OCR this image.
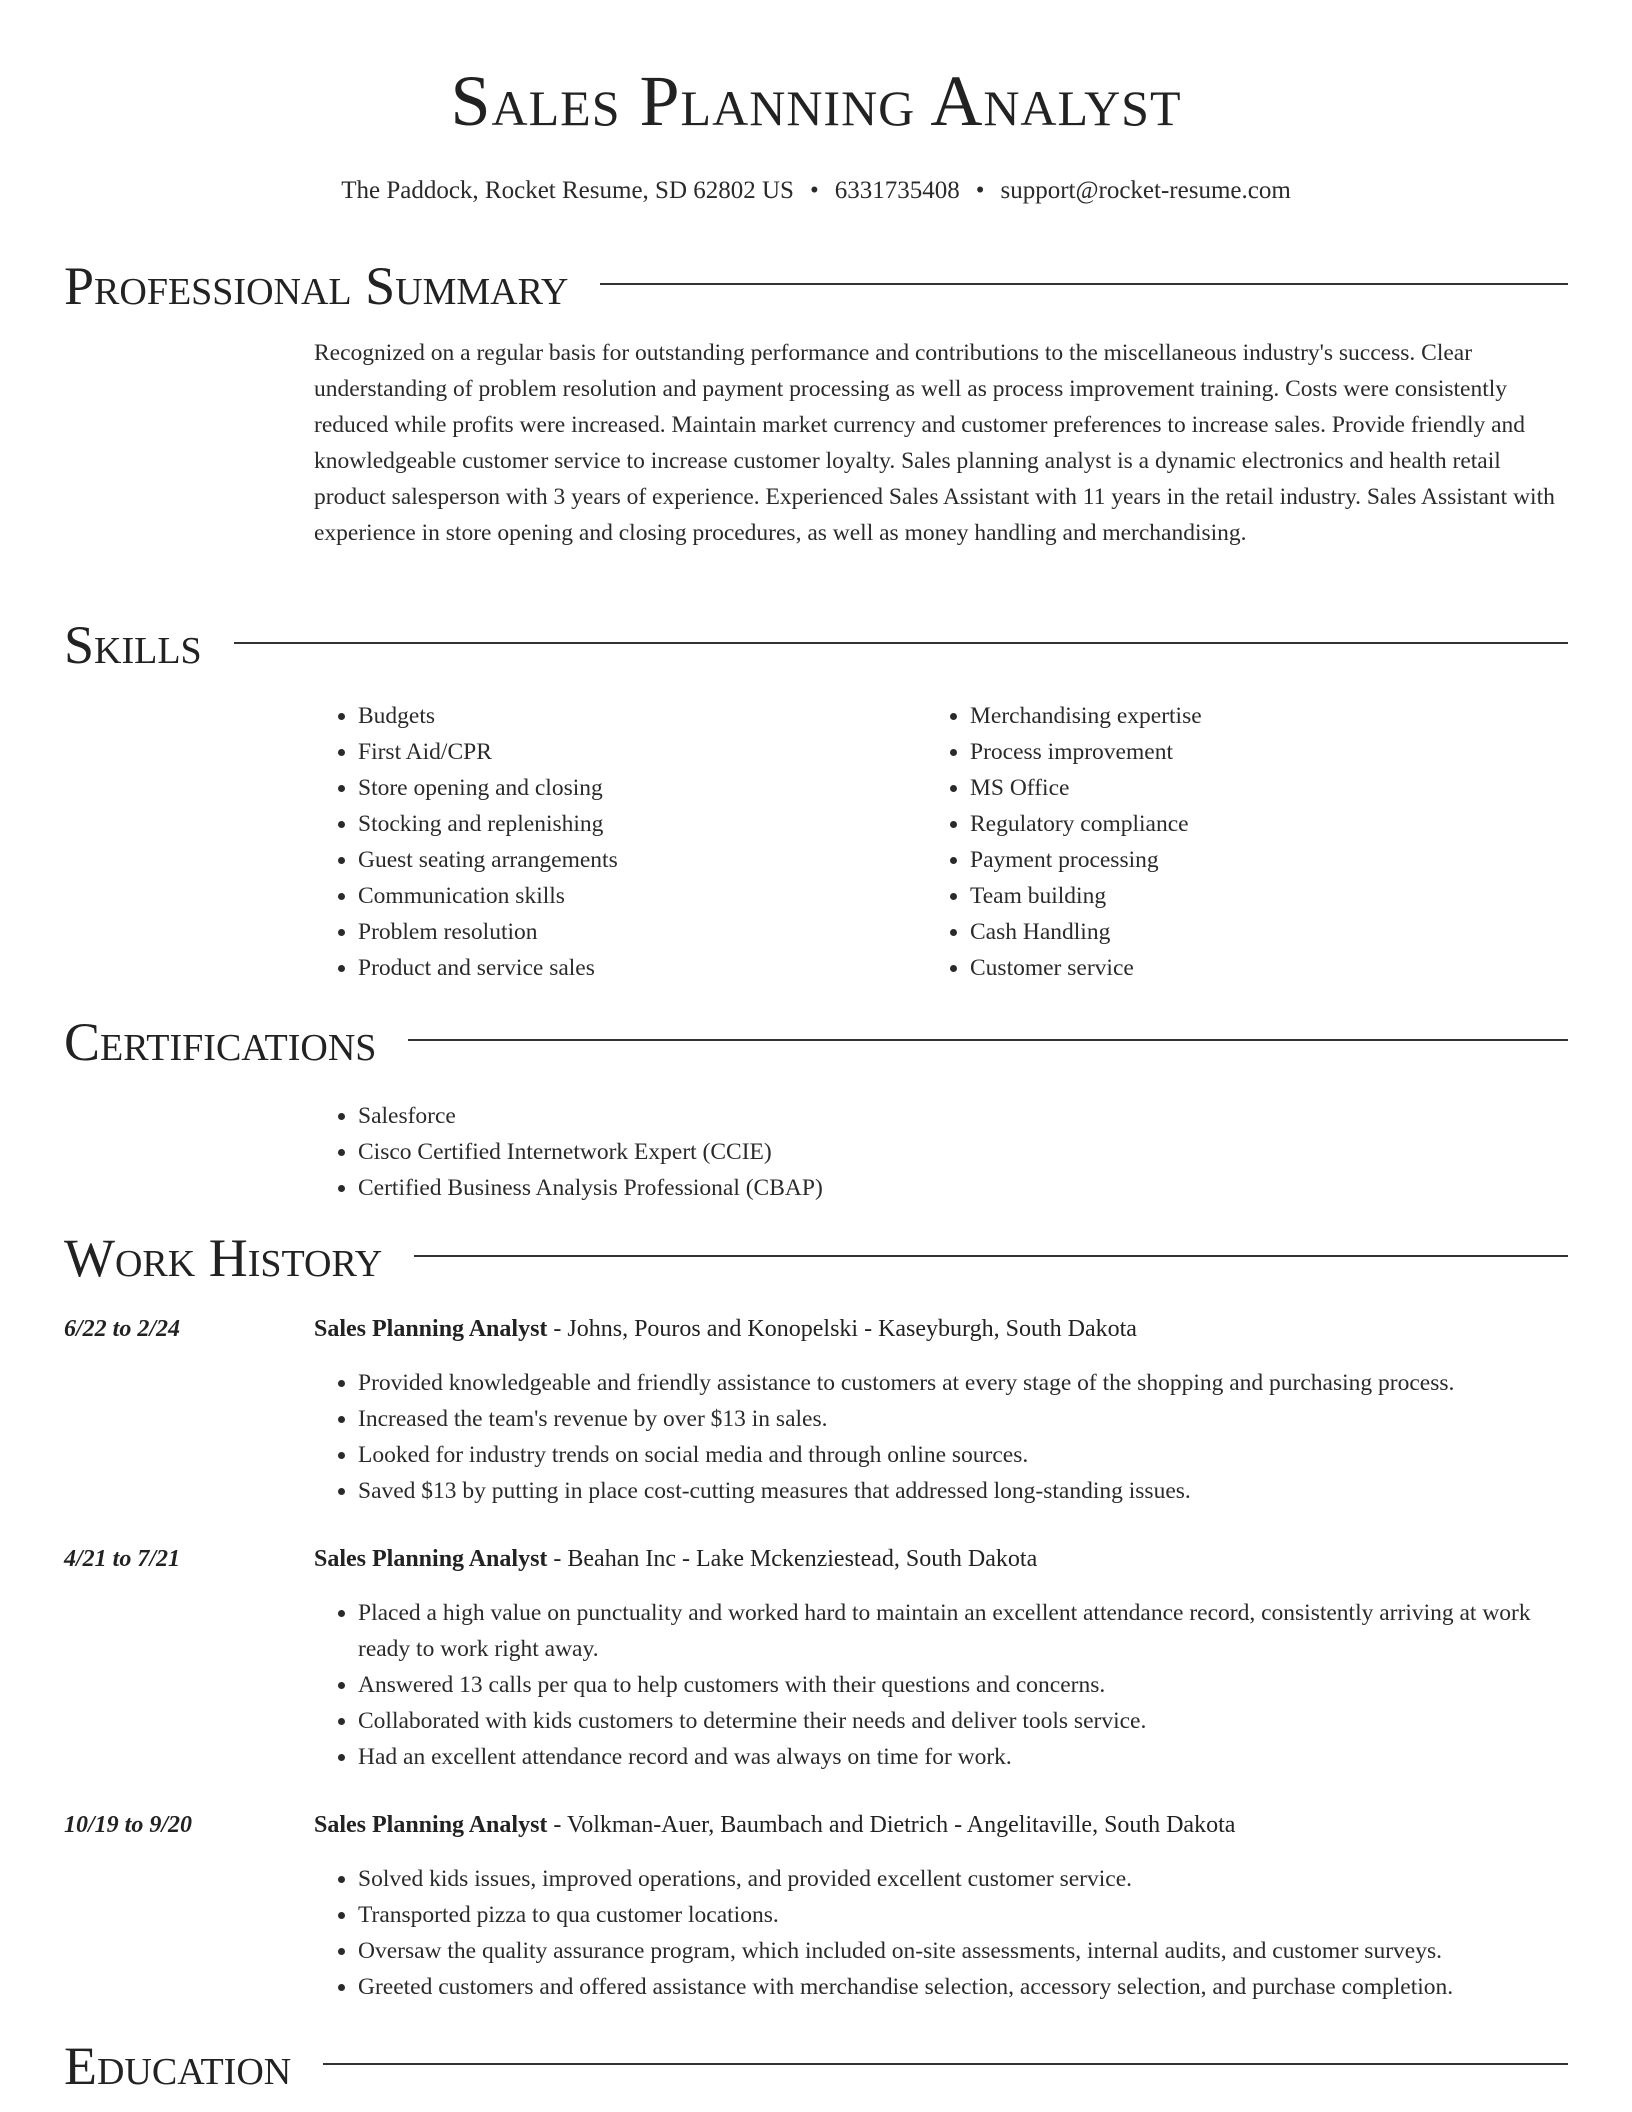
Sales Planning Analyst
The Paddock, Rocket Resume, SD 62802 US • 6331735408 • support@rocket-resume.com
Professional Summary
Recognized on a regular basis for outstanding performance and contributions to the miscellaneous industry's success. Clear understanding of problem resolution and payment processing as well as process improvement training. Costs were consistently reduced while profits were increased. Maintain market currency and customer preferences to increase sales. Provide friendly and knowledgeable customer service to increase customer loyalty. Sales planning analyst is a dynamic electronics and health retail product salesperson with 3 years of experience. Experienced Sales Assistant with 11 years in the retail industry. Sales Assistant with experience in store opening and closing procedures, as well as money handling and merchandising.
Skills
• Budgets
• First Aid/CPR
• Store opening and closing
• Stocking and replenishing
• Guest seating arrangements
• Communication skills
• Problem resolution
• Product and service sales
• Merchandising expertise
• Process improvement
• MS Office
• Regulatory compliance
• Payment processing
• Team building
• Cash Handling
• Customer service
Certifications
• Salesforce
• Cisco Certified Internetwork Expert (CCIE)
• Certified Business Analysis Professional (CBAP)
Work History
6/22 to 2/24	Sales Planning Analyst - Johns, Pouros and Konopelski - Kaseyburgh, South Dakota
• Provided knowledgeable and friendly assistance to customers at every stage of the shopping and purchasing process.
• Increased the team's revenue by over $13 in sales.
• Looked for industry trends on social media and through online sources.
• Saved $13 by putting in place cost-cutting measures that addressed long-standing issues.
4/21 to 7/21	Sales Planning Analyst - Beahan Inc - Lake Mckenziestead, South Dakota
• Placed a high value on punctuality and worked hard to maintain an excellent attendance record, consistently arriving at work ready to work right away.
• Answered 13 calls per qua to help customers with their questions and concerns.
• Collaborated with kids customers to determine their needs and deliver tools service.
• Had an excellent attendance record and was always on time for work.
10/19 to 9/20	Sales Planning Analyst - Volkman-Auer, Baumbach and Dietrich - Angelitaville, South Dakota
• Solved kids issues, improved operations, and provided excellent customer service.
• Transported pizza to qua customer locations.
• Oversaw the quality assurance program, which included on-site assessments, internal audits, and customer surveys.
• Greeted customers and offered assistance with merchandise selection, accessory selection, and purchase completion.
Education
